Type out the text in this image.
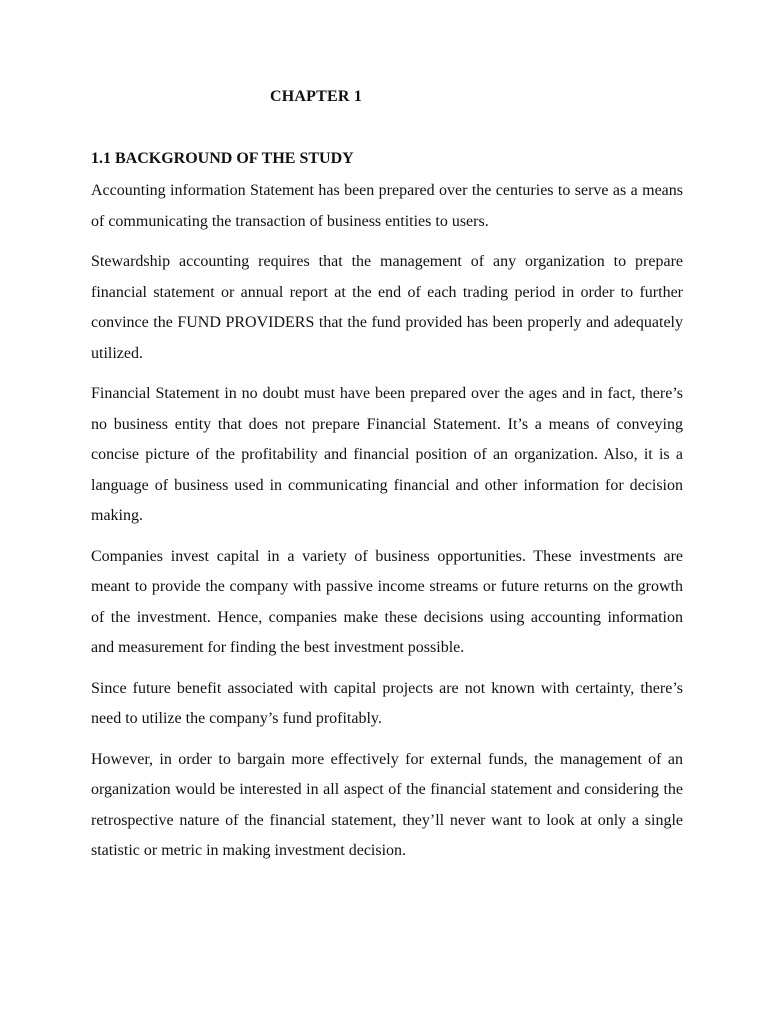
CHAPTER 1
1.1 BACKGROUND OF THE STUDY

Accounting information Statement has been prepared over the centuries to serve as a means of communicating the transaction of business entities to users.

Stewardship accounting requires that the management of any organization to prepare financial statement or annual report at the end of each trading period in order to further convince the FUND PROVIDERS that the fund provided has been properly and adequately utilized.

Financial Statement in no doubt must have been prepared over the ages and in fact, there’s no business entity that does not prepare Financial Statement. It’s a means of conveying concise picture of the profitability and financial position of an organization. Also, it is a language of business used in communicating financial and other information for decision making.

Companies invest capital in a variety of business opportunities. These investments are meant to provide the company with passive income streams or future returns on the growth of the investment. Hence, companies make these decisions using accounting information and measurement for finding the best investment possible.

Since future benefit associated with capital projects are not known with certainty, there’s need to utilize the company’s fund profitably.

However, in order to bargain more effectively for external funds, the management of an organization would be interested in all aspect of the financial statement and considering the retrospective nature of the financial statement, they’ll never want to look at only a single statistic or metric in making investment decision.
